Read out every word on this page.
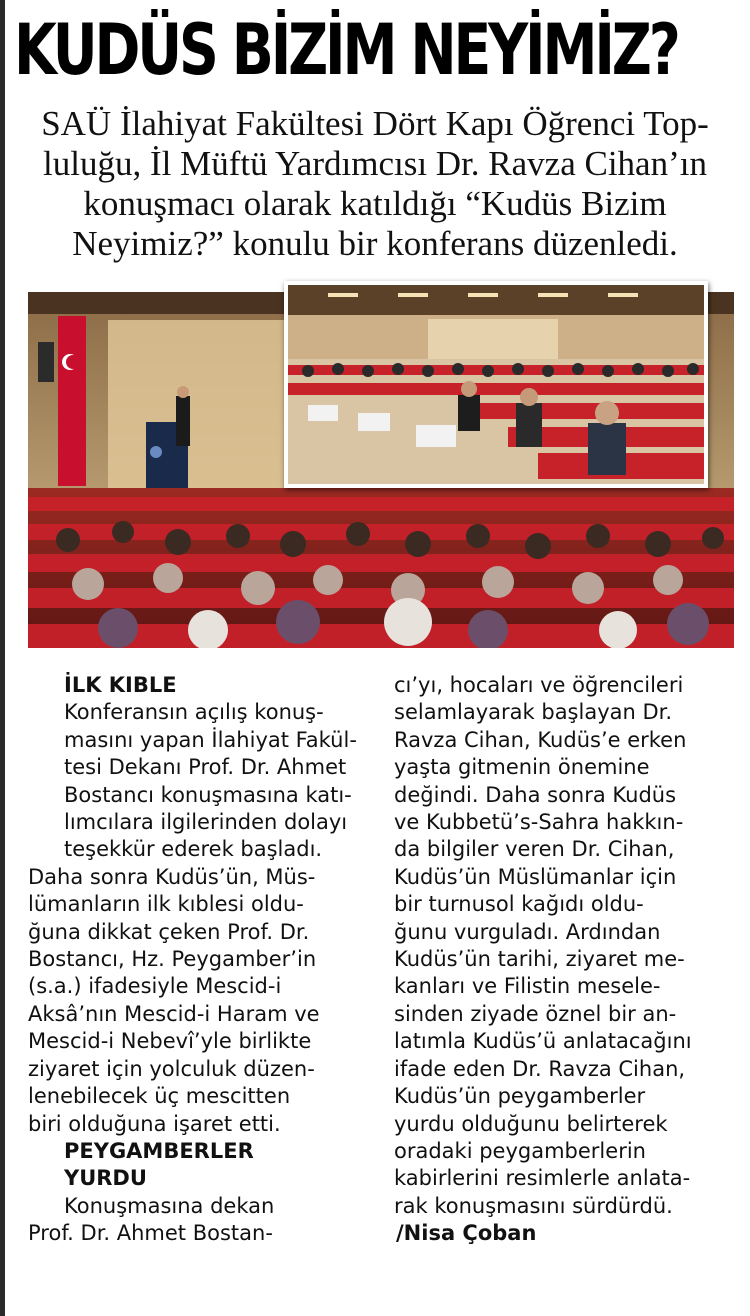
KUDÜS BİZİM NEYİMİZ?
SAÜ İlahiyat Fakültesi Dört Kapı Öğrenci Top-
luluğu, İl Müftü Yardımcısı Dr. Ravza Cihan’ın
konuşmacı olarak katıldığı “Kudüs Bizim
Neyimiz?” konulu bir konferans düzenledi.
İLK KIBLE
Konferansın açılış konuş-
masını yapan İlahiyat Fakül-
tesi Dekanı Prof. Dr. Ahmet
Bostancı konuşmasına katı-
lımcılara ilgilerinden dolayı
teşekkür ederek başladı.
Daha sonra Kudüs’ün, Müs-
lümanların ilk kıblesi oldu-
ğuna dikkat çeken Prof. Dr.
Bostancı, Hz. Peygamber’in
(s.a.) ifadesiyle Mescid-i
Aksâ’nın Mescid-i Haram ve
Mescid-i Nebevî’yle birlikte
ziyaret için yolculuk düzen-
lenebilecek üç mescitten
biri olduğuna işaret etti.
PEYGAMBERLER
YURDU
Konuşmasına dekan
Prof. Dr. Ahmet Bostan-
cı’yı, hocaları ve öğrencileri
selamlayarak başlayan Dr.
Ravza Cihan, Kudüs’e erken
yaşta gitmenin önemine
değindi. Daha sonra Kudüs
ve Kubbetü’s-Sahra hakkın-
da bilgiler veren Dr. Cihan,
Kudüs’ün Müslümanlar için
bir turnusol kağıdı oldu-
ğunu vurguladı. Ardından
Kudüs’ün tarihi, ziyaret me-
kanları ve Filistin mesele-
sinden ziyade öznel bir an-
latımla Kudüs’ü anlatacağını
ifade eden Dr. Ravza Cihan,
Kudüs’ün peygamberler
yurdu olduğunu belirterek
oradaki peygamberlerin
kabirlerini resimlerle anlata-
rak konuşmasını sürdürdü.
/Nisa Çoban
